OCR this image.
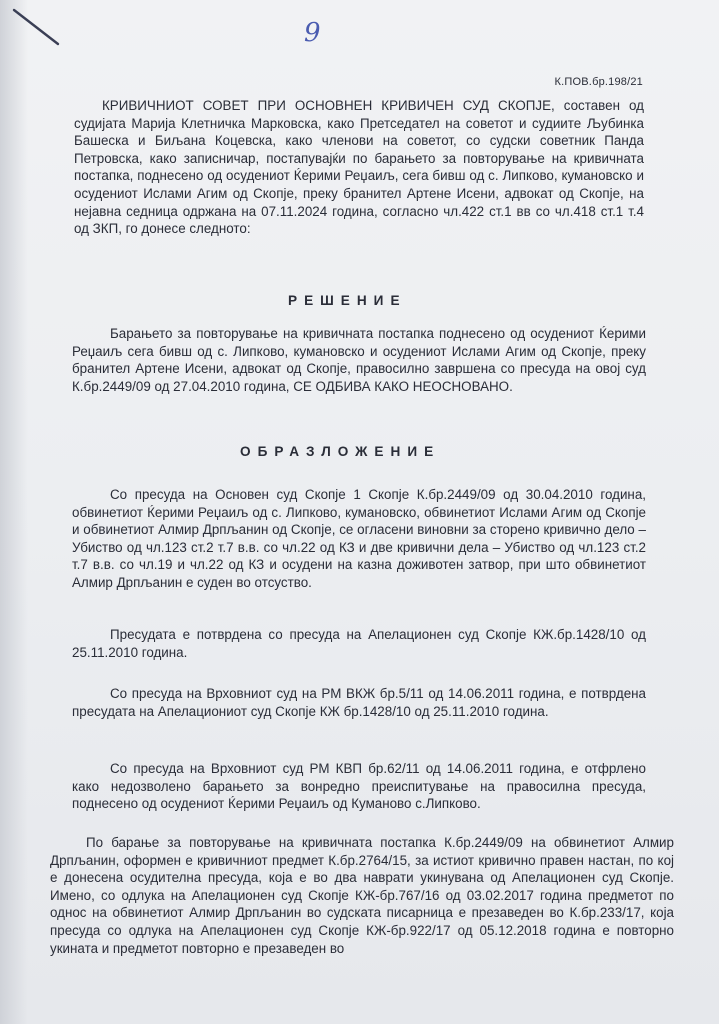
9
К.ПОВ.бр.198/21
КРИВИЧНИОТ СОВЕТ ПРИ ОСНОВНЕН КРИВИЧЕН СУД СКОПЈЕ, составен од судијата Марија Клетничка Марковска, како Претседател на советот и судиите Љубинка Башеска и Биљана Коцевска, како членови на советот, со судски советник Панда Петровска, како записничар, постапувајќи по барањето за повторување на кривичната постапка, поднесено од осудениот Ќерими Реџаиљ, сега бивш од с. Липково, кумановско и осудениот Ислами Агим од Скопје, преку бранител Артене Исени, адвокат од Скопје, на нејавна седница одржана на 07.11.2024 година, согласно чл.422 ст.1 вв со чл.418 ст.1 т.4 од ЗКП, го донесе следното:
РЕШЕНИЕ
Барањето за повторување на кривичната постапка поднесено од осудениот Ќерими Реџаиљ сега бивш од с. Липково, кумановско и осудениот Ислами Агим од Скопје, преку бранител Артене Исени, адвокат од Скопје, правосилно завршена со пресуда на овој суд К.бр.2449/09 од 27.04.2010 година, СЕ ОДБИВА КАКО НЕОСНОВАНО.
ОБРАЗЛОЖЕНИЕ
Со пресуда на Основен суд Скопје 1 Скопје К.бр.2449/09 од 30.04.2010 година, обвинетиот Ќерими Реџаиљ од с. Липково, кумановско, обвинетиот Ислами Агим од Скопје и обвинетиот Алмир Дрпљанин од Скопје, се огласени виновни за сторено кривично дело – Убиство од чл.123 ст.2 т.7 в.в. со чл.22 од КЗ и две кривични дела – Убиство од чл.123 ст.2 т.7 в.в. со чл.19 и чл.22 од КЗ и осудени на казна доживотен затвор, при што обвинетиот Алмир Дрпљанин е суден во отсуство.
Пресудата е потврдена со пресуда на Апелационен суд Скопје КЖ.бр.1428/10 од 25.11.2010 година.
Со пресуда на Врховниот суд на РМ ВКЖ бр.5/11 од 14.06.2011 година, е потврдена пресудата на Апелациониот суд Скопје КЖ бр.1428/10 од 25.11.2010 година.
Со пресуда на Врховниот суд РМ КВП бр.62/11 од 14.06.2011 година, е отфрлено како недозволено барањето за вонредно преиспитување на правосилна пресуда, поднесено од осудениот Ќерими Реџаиљ од Куманово с.Липково.
По барање за повторување на кривичната постапка К.бр.2449/09 на обвинетиот Алмир Дрпљанин, оформен е кривичниот предмет К.бр.2764/15, за истиот кривично правен настан, по кој е донесена осудителна пресуда, која е во два наврати укинувана од Апелационен суд Скопје. Имено, со одлука на Апелационен суд Скопје КЖ-бр.767/16 од 03.02.2017 година предметот по однос на обвинетиот Алмир Дрпљанин во судската писарница е презаведен во К.бр.233/17, која пресуда со одлука на Апелационен суд Скопје КЖ-бр.922/17 од 05.12.2018 година е повторно укината и предметот повторно е презаведен во
